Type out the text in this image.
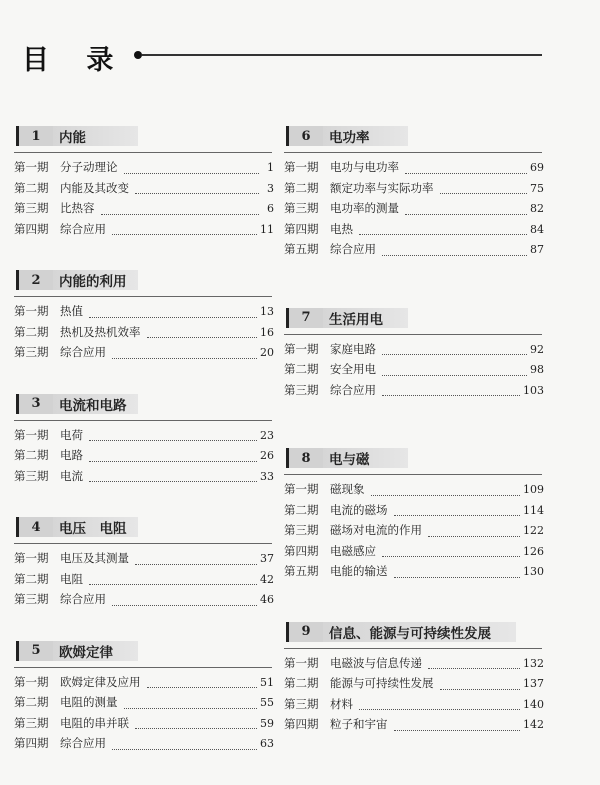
目 录
1	内能
第一期	分子动理论	1
第二期	内能及其改变	3
第三期	比热容	6
第四期	综合应用	11
2	内能的利用
第一期	热值	13
第二期	热机及热机效率	16
第三期	综合应用	20
3	电流和电路
第一期	电荷	23
第二期	电路	26
第三期	电流	33
4	电压　电阻
第一期	电压及其测量	37
第二期	电阻	42
第三期	综合应用	46
5	欧姆定律
第一期	欧姆定律及应用	51
第二期	电阻的测量	55
第三期	电阻的串并联	59
第四期	综合应用	63
6	电功率
第一期	电功与电功率	69
第二期	额定功率与实际功率	75
第三期	电功率的测量	82
第四期	电热	84
第五期	综合应用	87
7	生活用电
第一期	家庭电路	92
第二期	安全用电	98
第三期	综合应用	103
8	电与磁
第一期	磁现象	109
第二期	电流的磁场	114
第三期	磁场对电流的作用	122
第四期	电磁感应	126
第五期	电能的输送	130
9	信息、能源与可持续性发展
第一期	电磁波与信息传递	132
第二期	能源与可持续性发展	137
第三期	材料	140
第四期	粒子和宇宙	142
